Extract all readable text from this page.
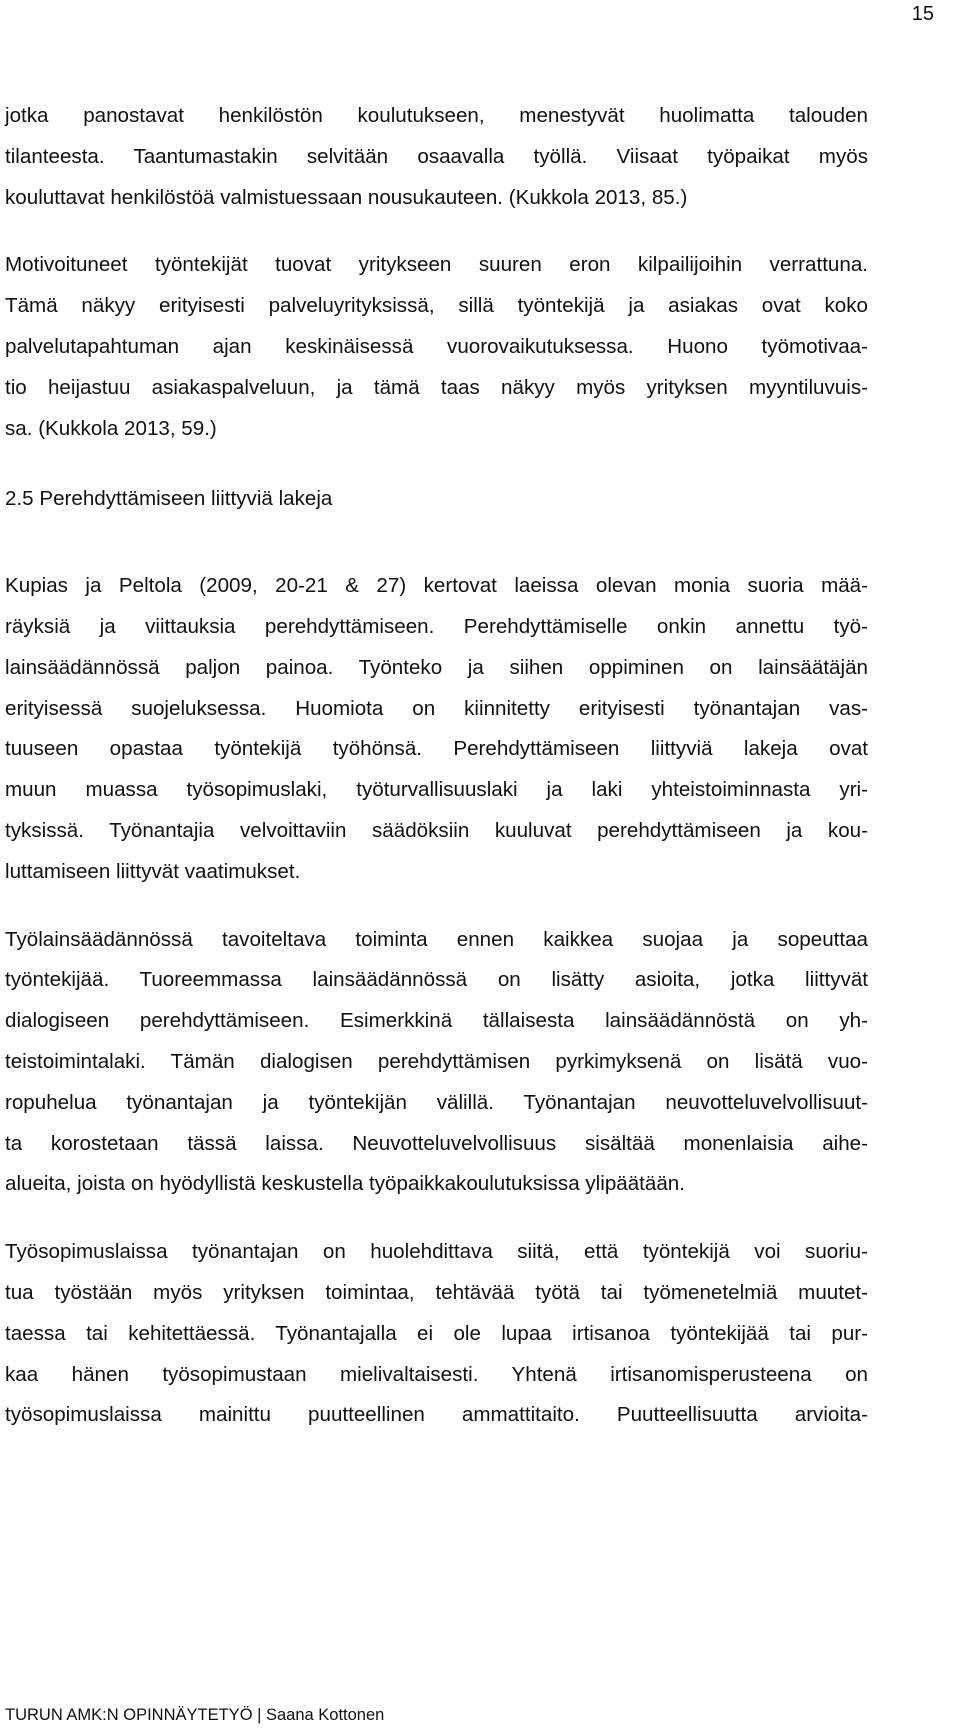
15
jotka panostavat henkilöstön koulutukseen, menestyvät huolimatta talouden
tilanteesta. Taantumastakin selvitään osaavalla työllä. Viisaat työpaikat myös
kouluttavat henkilöstöä valmistuessaan nousukauteen. (Kukkola 2013, 85.)
Motivoituneet työntekijät tuovat yritykseen suuren eron kilpailijoihin verrattuna.
Tämä näkyy erityisesti palveluyrityksissä, sillä työntekijä ja asiakas ovat koko
palvelutapahtuman ajan keskinäisessä vuorovaikutuksessa. Huono työmotivaa-
tio heijastuu asiakaspalveluun, ja tämä taas näkyy myös yrityksen myyntiluvuis-
sa. (Kukkola 2013, 59.)
2.5 Perehdyttämiseen liittyviä lakeja
Kupias ja Peltola (2009, 20-21 & 27) kertovat laeissa olevan monia suoria mää-
räyksiä ja viittauksia perehdyttämiseen. Perehdyttämiselle onkin annettu työ-
lainsäädännössä paljon painoa. Työnteko ja siihen oppiminen on lainsäätäjän
erityisessä suojeluksessa. Huomiota on kiinnitetty erityisesti työnantajan vas-
tuuseen opastaa työntekijä työhönsä. Perehdyttämiseen liittyviä lakeja ovat
muun muassa työsopimuslaki, työturvallisuuslaki ja laki yhteistoiminnasta yri-
tyksissä. Työnantajia velvoittaviin säädöksiin kuuluvat perehdyttämiseen ja kou-
luttamiseen liittyvät vaatimukset.
Työlainsäädännössä tavoiteltava toiminta ennen kaikkea suojaa ja sopeuttaa
työntekijää. Tuoreemmassa lainsäädännössä on lisätty asioita, jotka liittyvät
dialogiseen perehdyttämiseen. Esimerkkinä tällaisesta lainsäädännöstä on yh-
teistoimintalaki. Tämän dialogisen perehdyttämisen pyrkimyksenä on lisätä vuo-
ropuhelua työnantajan ja työntekijän välillä. Työnantajan neuvotteluvelvollisuut-
ta korostetaan tässä laissa. Neuvotteluvelvollisuus sisältää monenlaisia aihe-
alueita, joista on hyödyllistä keskustella työpaikkakoulutuksissa ylipäätään.
Työsopimuslaissa työnantajan on huolehdittava siitä, että työntekijä voi suoriu-
tua työstään myös yrityksen toimintaa, tehtävää työtä tai työmenetelmiä muutet-
taessa tai kehitettäessä. Työnantajalla ei ole lupaa irtisanoa työntekijää tai pur-
kaa hänen työsopimustaan mielivaltaisesti. Yhtenä irtisanomisperusteena on
työsopimuslaissa mainittu puutteellinen ammattitaito. Puutteellisuutta arvioita-
TURUN AMK:N OPINNÄYTETYÖ | Saana Kottonen
